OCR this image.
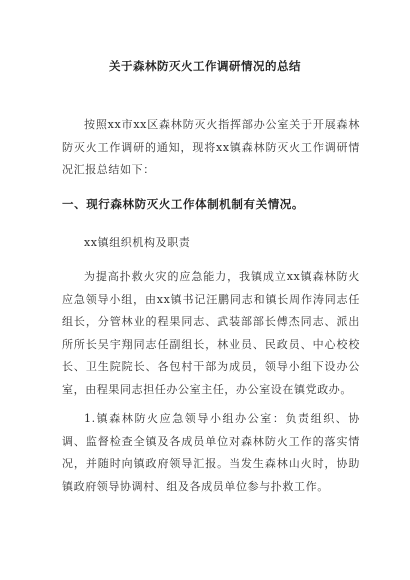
关于森林防灭火工作调研情况的总结

按照xx市xx区森林防灭火指挥部办公室关于开展森林防灭火工作调研的通知，现将xx镇森林防灭火工作调研情况汇报总结如下：

一、现行森林防灭火工作体制机制有关情况。

xx镇组织机构及职责

为提高扑救火灾的应急能力，我镇成立xx镇森林防火应急领导小组，由xx镇书记汪鹏同志和镇长周作涛同志任组长，分管林业的程果同志、武装部部长傅杰同志、派出所所长吴宇翔同志任副组长，林业员、民政员、中心校校长、卫生院院长、各包村干部为成员，领导小组下设办公室，由程果同志担任办公室主任，办公室设在镇党政办。

1.镇森林防火应急领导小组办公室：负责组织、协调、监督检查全镇及各成员单位对森林防火工作的落实情况，并随时向镇政府领导汇报。当发生森林山火时，协助镇政府领导协调村、组及各成员单位参与扑救工作。
